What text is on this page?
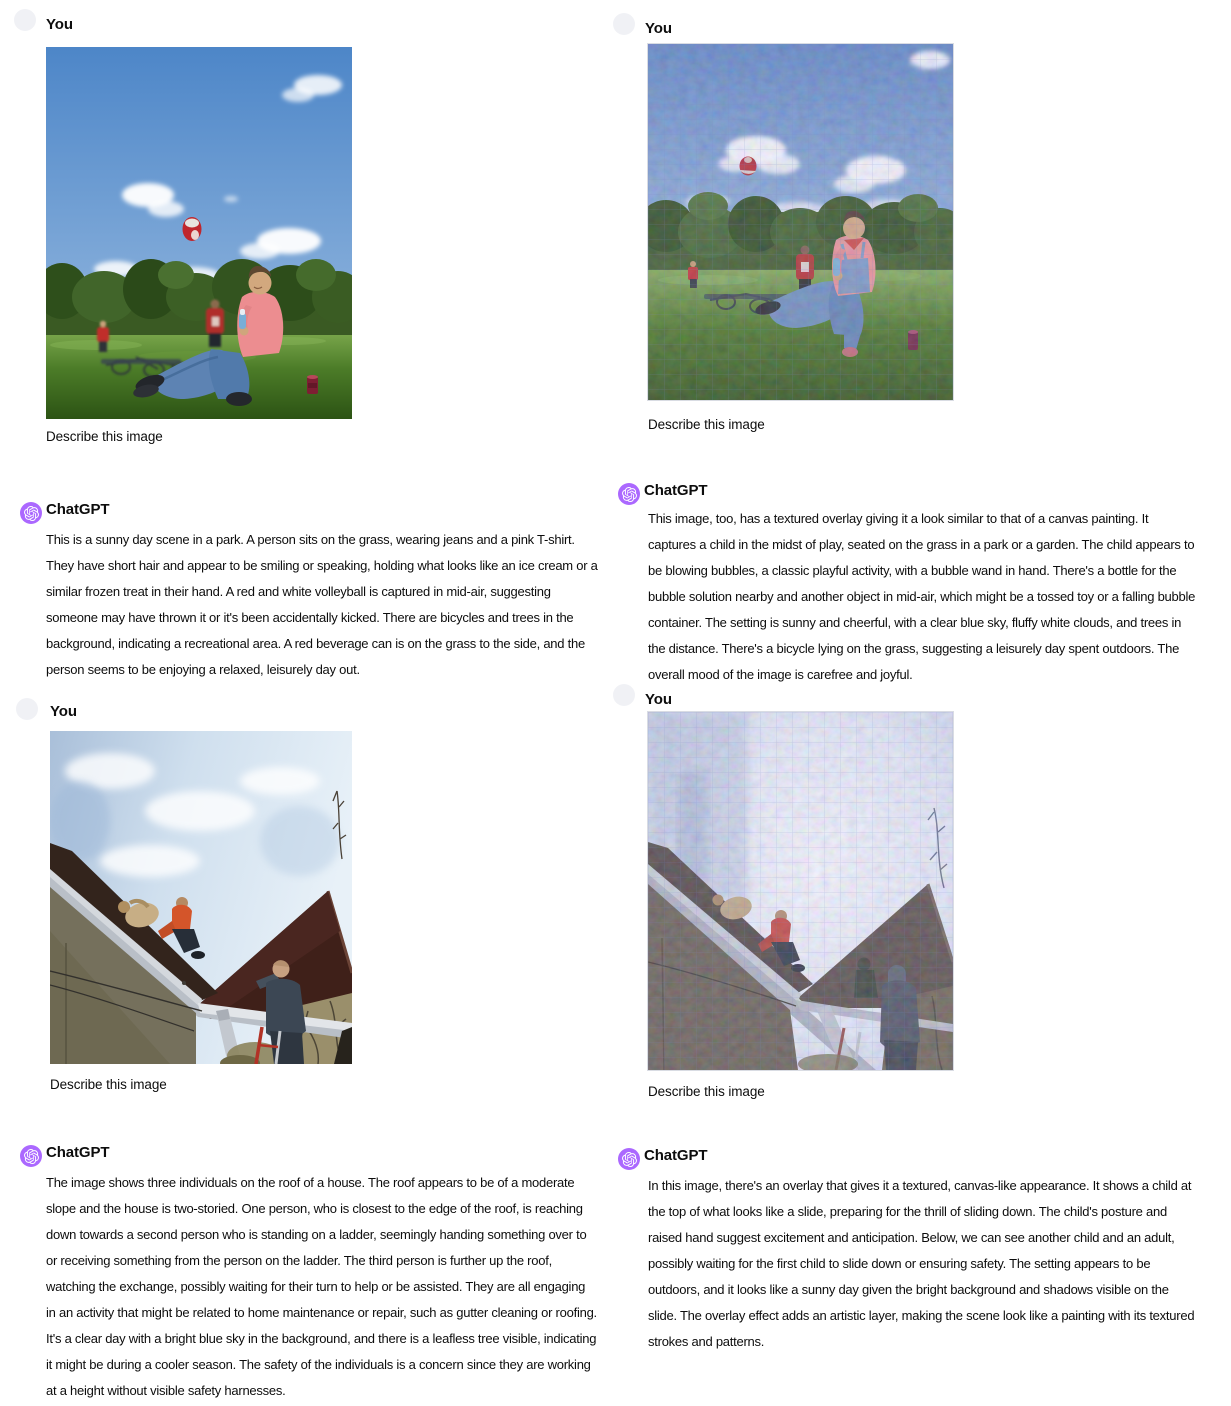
You
Describe this image
ChatGPT
This is a sunny day scene in a park. A person sits on the grass, wearing jeans and a pink T-shirt. They have short hair and appear to be smiling or speaking, holding what looks like an ice cream or a similar frozen treat in their hand. A red and white volleyball is captured in mid-air, suggesting someone may have thrown it or it's been accidentally kicked. There are bicycles and trees in the background, indicating a recreational area. A red beverage can is on the grass to the side, and the person seems to be enjoying a relaxed, leisurely day out.
You
Describe this image
ChatGPT
The image shows three individuals on the roof of a house. The roof appears to be of a moderate slope and the house is two-storied. One person, who is closest to the edge of the roof, is reaching down towards a second person who is standing on a ladder, seemingly handing something over to or receiving something from the person on the ladder. The third person is further up the roof, watching the exchange, possibly waiting for their turn to help or be assisted. They are all engaging in an activity that might be related to home maintenance or repair, such as gutter cleaning or roofing. It's a clear day with a bright blue sky in the background, and there is a leafless tree visible, indicating it might be during a cooler season. The safety of the individuals is a concern since they are working at a height without visible safety harnesses.
You
Describe this image
ChatGPT
This image, too, has a textured overlay giving it a look similar to that of a canvas painting. It captures a child in the midst of play, seated on the grass in a park or a garden. The child appears to be blowing bubbles, a classic playful activity, with a bubble wand in hand. There's a bottle for the bubble solution nearby and another object in mid-air, which might be a tossed toy or a falling bubble container. The setting is sunny and cheerful, with a clear blue sky, fluffy white clouds, and trees in the distance. There's a bicycle lying on the grass, suggesting a leisurely day spent outdoors. The overall mood of the image is carefree and joyful.
You
Describe this image
ChatGPT
In this image, there's an overlay that gives it a textured, canvas-like appearance. It shows a child at the top of what looks like a slide, preparing for the thrill of sliding down. The child's posture and raised hand suggest excitement and anticipation. Below, we can see another child and an adult, possibly waiting for the first child to slide down or ensuring safety. The setting appears to be outdoors, and it looks like a sunny day given the bright background and shadows visible on the slide. The overlay effect adds an artistic layer, making the scene look like a painting with its textured strokes and patterns.
